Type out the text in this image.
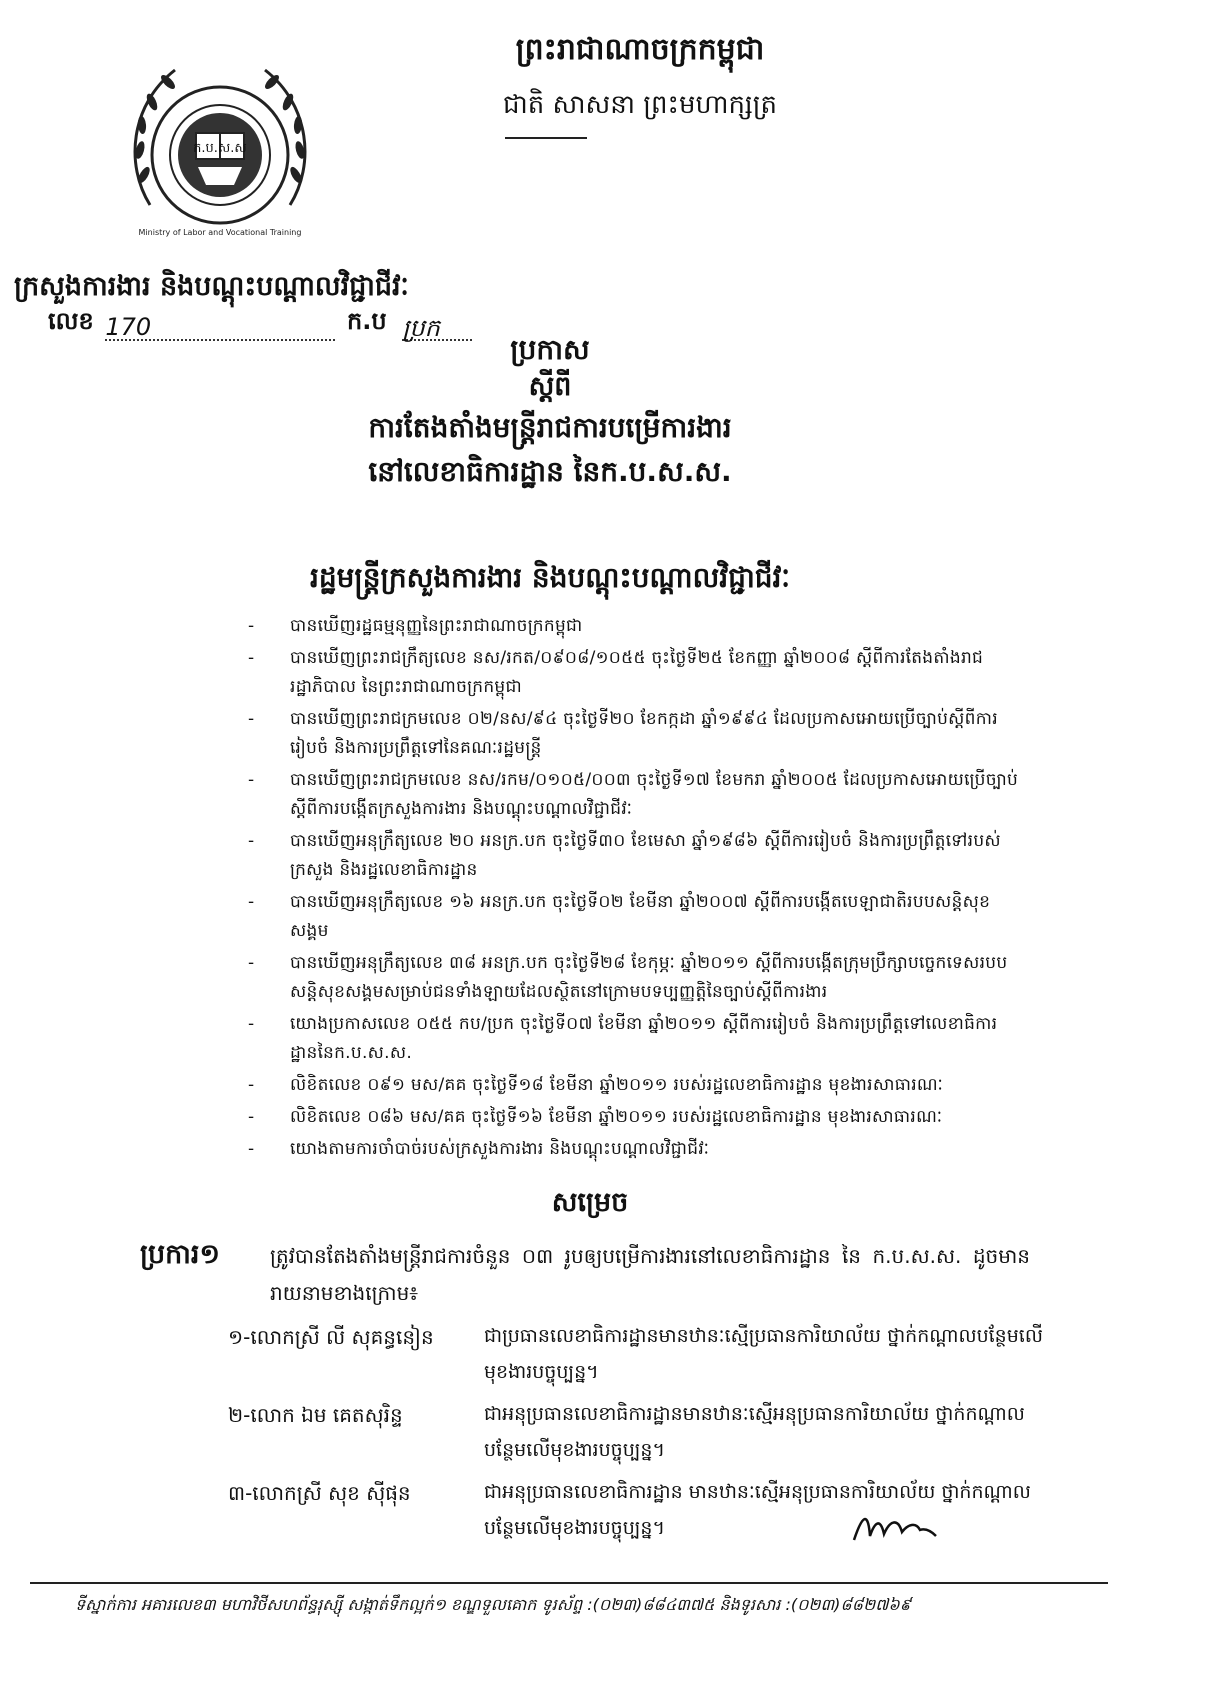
ក.ប.ស.ស
Ministry of Labor and Vocational Training
ព្រះរាជាណាចក្រកម្ពុជា
ជាតិ សាសនា ព្រះមហាក្សត្រ
ក្រសួងការងារ និងបណ្តុះបណ្តាលវិជ្ជាជីវៈ
លេខ 170	ក.ប ប្រក
ប្រកាស
ស្តីពី
ការតែងតាំងមន្ត្រីរាជការបម្រើការងារ
នៅលេខាធិការដ្ឋាន នៃក.ប.ស.ស.
រដ្ឋមន្ត្រីក្រសួងការងារ និងបណ្តុះបណ្តាលវិជ្ជាជីវៈ
- បានឃើញរដ្ឋធម្មនុញ្ញនៃព្រះរាជាណាចក្រកម្ពុជា
- បានឃើញព្រះរាជក្រឹត្យលេខ នស/រកត/០៩០៨/១០៥៥ ចុះថ្ងៃទី២៥ ខែកញ្ញា ឆ្នាំ២០០៨ ស្តីពីការតែងតាំងរាជរដ្ឋាភិបាល នៃព្រះរាជាណាចក្រកម្ពុជា
- បានឃើញព្រះរាជក្រមលេខ ០២/នស/៩៤ ចុះថ្ងៃទី២០ ខែកក្កដា ឆ្នាំ១៩៩៤ ដែលប្រកាសអោយប្រើច្បាប់ស្តីពីការរៀបចំ និងការប្រព្រឹត្តទៅនៃគណៈរដ្ឋមន្ត្រី
- បានឃើញព្រះរាជក្រមលេខ នស/រកម/០១០៥/០០៣ ចុះថ្ងៃទី១៧ ខែមករា ឆ្នាំ២០០៥ ដែលប្រកាសអោយប្រើច្បាប់ស្តីពីការបង្កើតក្រសួងការងារ និងបណ្តុះបណ្តាលវិជ្ជាជីវៈ
- បានឃើញអនុក្រឹត្យលេខ ២០ អនក្រ.បក ចុះថ្ងៃទី៣០ ខែមេសា ឆ្នាំ១៩៨៦ ស្តីពីការរៀបចំ និងការប្រព្រឹត្តទៅរបស់ក្រសួង និងរដ្ឋលេខាធិការដ្ឋាន
- បានឃើញអនុក្រឹត្យលេខ ១៦ អនក្រ.បក ចុះថ្ងៃទី០២ ខែមីនា ឆ្នាំ២០០៧ ស្តីពីការបង្កើតបេឡាជាតិរបបសន្តិសុខសង្គម
- បានឃើញអនុក្រឹត្យលេខ ៣៨ អនក្រ.បក ចុះថ្ងៃទី២៨ ខែកុម្ភៈ ឆ្នាំ២០១១ ស្តីពីការបង្កើតក្រុមប្រឹក្សាបច្ចេកទេសរបបសន្តិសុខសង្គមសម្រាប់ជនទាំងឡាយដែលស្ថិតនៅក្រោមបទប្បញ្ញត្តិនៃច្បាប់ស្តីពីការងារ
- យោងប្រកាសលេខ ០៥៥ កប/ប្រក ចុះថ្ងៃទី០៧ ខែមីនា ឆ្នាំ២០១១ ស្តីពីការរៀបចំ និងការប្រព្រឹត្តទៅលេខាធិការដ្ឋាននៃក.ប.ស.ស.
- លិខិតលេខ ០៩១ មស/គគ ចុះថ្ងៃទី១៨ ខែមីនា ឆ្នាំ២០១១ របស់រដ្ឋលេខាធិការដ្ឋាន មុខងារសាធារណៈ
- លិខិតលេខ ០៨៦ មស/គគ ចុះថ្ងៃទី១៦ ខែមីនា ឆ្នាំ២០១១ របស់រដ្ឋលេខាធិការដ្ឋាន មុខងារសាធារណៈ
- យោងតាមការចាំបាច់របស់ក្រសួងការងារ និងបណ្តុះបណ្តាលវិជ្ជាជីវៈ
សម្រេច
ប្រការ១	ត្រូវបានតែងតាំងមន្ត្រីរាជការចំនួន ០៣ រូបឲ្យបម្រើការងារនៅលេខាធិការដ្ឋាន នៃ ក.ប.ស.ស. ដូចមានរាយនាមខាងក្រោម៖
១-លោកស្រី លី សុគន្ធនៀន	ជាប្រធានលេខាធិការដ្ឋានមានឋានៈស្មើប្រធានការិយាល័យ ថ្នាក់កណ្តាលបន្ថែមលើមុខងារបច្ចុប្បន្ន។
២-លោក ឯម គេតសុរិន្ទ	ជាអនុប្រធានលេខាធិការដ្ឋានមានឋានៈស្មើអនុប្រធានការិយាល័យ ថ្នាក់កណ្តាលបន្ថែមលើមុខងារបច្ចុប្បន្ន។
៣-លោកស្រី សុខ ស៊ីផុន	ជាអនុប្រធានលេខាធិការដ្ឋាន មានឋានៈស្មើអនុប្រធានការិយាល័យ ថ្នាក់កណ្តាលបន្ថែមលើមុខងារបច្ចុប្បន្ន។
ទីស្នាក់ការ អគារលេខ៣ មហាវិថីសហព័ន្ធរុស្ស៊ី សង្កាត់ទឹកល្អក់១ ខណ្ឌទួលគោក ទូរស័ព្ទ :(០២៣)៨៨៤៣៧៥ និងទូរសារ :(០២៣)៨៨២៧៦៩
